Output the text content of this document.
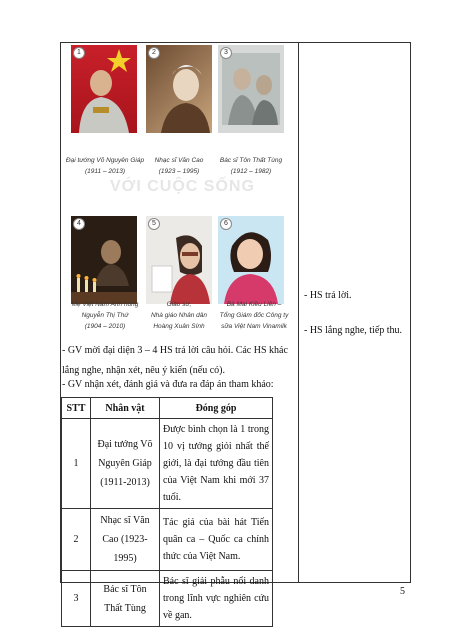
1	2	3
Đại tướng Võ Nguyên Giáp
(1911 – 2013)
Nhạc sĩ Văn Cao
(1923 – 1995)
Bác sĩ Tôn Thất Tùng
(1912 – 1982)
VỚI CUỘC SỐNG
4	5	6
Mẹ Việt Nam Anh hùng
Nguyễn Thị Thứ
(1904 – 2010)
Giáo sư,
Nhà giáo Nhân dân
Hoàng Xuân Sính
Bà Mai Kiều Liên –
Tổng Giám đốc Công ty
sữa Việt Nam Vinamilk
- GV mời đại diện 3 – 4 HS trả lời câu hỏi. Các HS khác
lắng nghe, nhận xét, nêu ý kiến (nếu có).
- GV nhận xét, đánh giá và đưa ra đáp án tham khảo:
- HS trả lời.
- HS lắng nghe, tiếp thu.
STT	Nhân vật	Đóng góp
1	Đại tướng Võ Nguyên Giáp (1911-2013)	Được bình chọn là 1 trong 10 vị tướng giỏi nhất thế giới, là đại tướng đầu tiên của Việt Nam khi mới 37 tuổi.
2	Nhạc sĩ Văn Cao (1923-1995)	Tác giả của bài hát Tiến quân ca – Quốc ca chính thức của Việt Nam.
3	Bác sĩ Tôn Thất Tùng	Bác sĩ giải phẫu nổi danh trong lĩnh vực nghiên cứu về gan.
5
